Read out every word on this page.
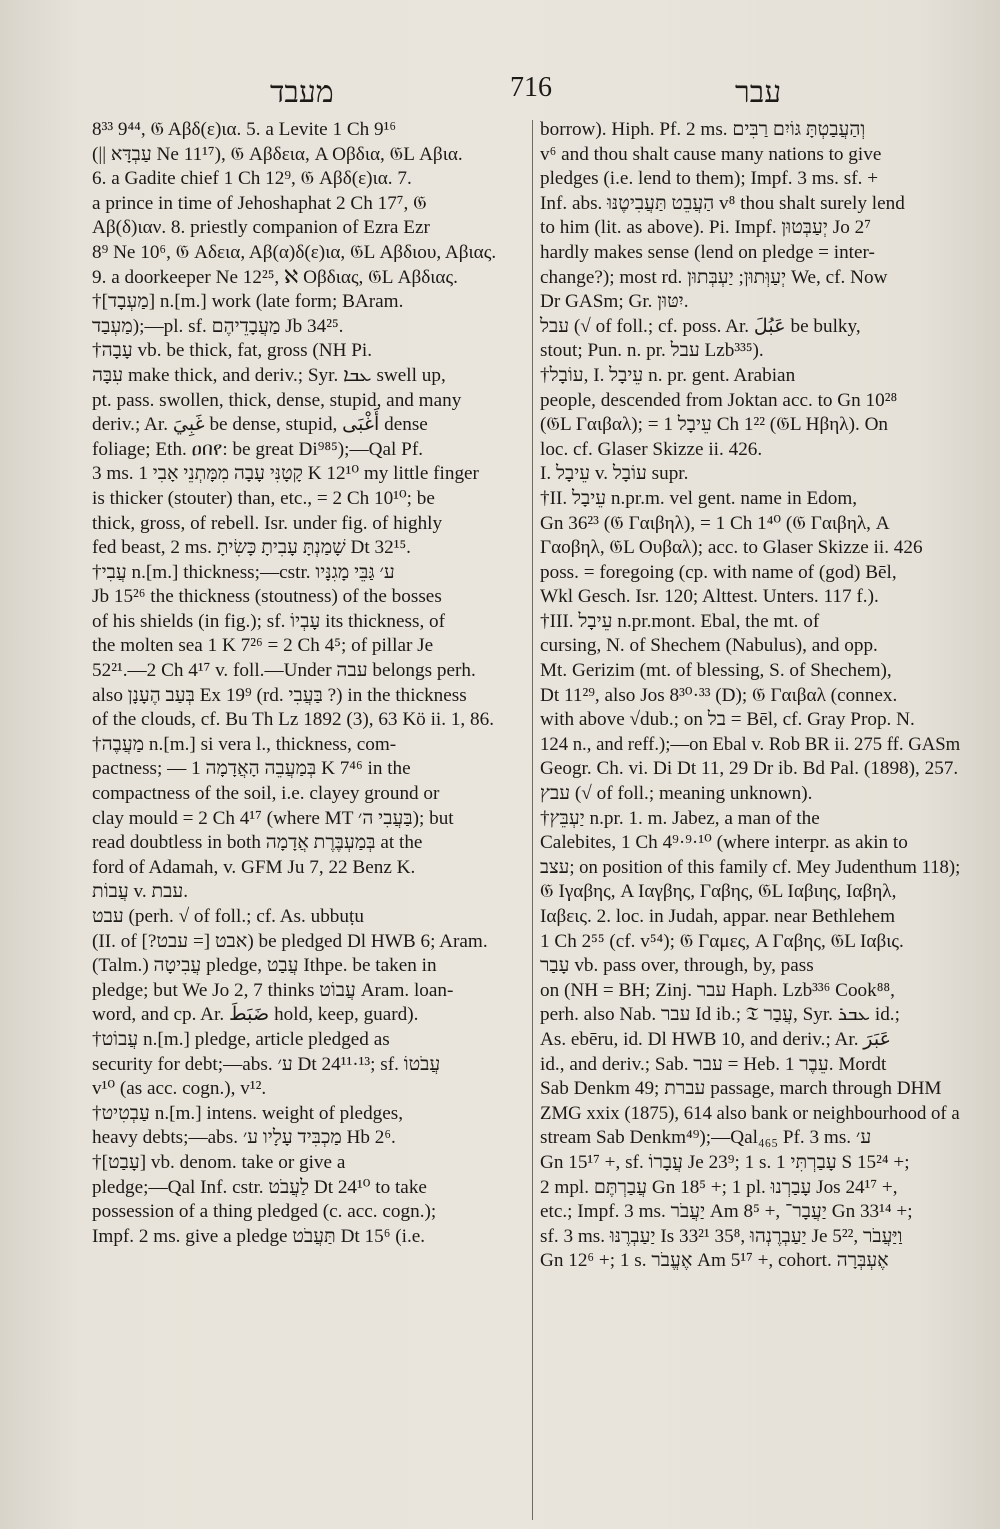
מעבד	716	עבר
8³³ 9⁴⁴, 𝔊 Αβδ(ε)ια. 5. a Levite 1 Ch 9¹⁶
(|| עַבְדָּא Ne 11¹⁷), 𝔊 Αβδεια, A Οβδια, 𝔊L Αβια.
6. a Gadite chief 1 Ch 12⁹, 𝔊 Αβδ(ε)ια. 7.
a prince in time of Jehoshaphat 2 Ch 17⁷, 𝔊
Αβ(δ)ιαν. 8. priestly companion of Ezra Ezr
8⁹ Ne 10⁶, 𝔊 Αδεια, Αβ(α)δ(ε)ια, 𝔊L Αβδιου, Αβιας.
9. a doorkeeper Ne 12²⁵, ℵ Οβδιας, 𝔊L Αβδιας.
†[מַעְבָד] n.[m.] work (late form; BAram.
מַעְבַד);—pl. sf. מַעֲבָדֵיהֶם Jb 34²⁵.
†עָבָה vb. be thick, fat, gross (NH Pi.
עִבָּה make thick, and deriv.; Syr. ܥܒܐ swell up,
pt. pass. swollen, thick, dense, stupid, and many
deriv.; Ar. غَبِيَ be dense, stupid, أَغْبَى dense
foliage; Eth. ዐበየ: be great Di⁹⁸⁵);—Qal Pf.
3 ms. קָטָנִּי עָבָה מִמָּתְנֵי אָבִי 1 K 12¹⁰ my little finger
is thicker (stouter) than, etc., = 2 Ch 10¹⁰; be
thick, gross, of rebell. Isr. under fig. of highly
fed beast, 2 ms. שָׁמַנְתָּ עָבִיתָ כָּשִׂיתָ Dt 32¹⁵.
†עֲבִי n.[m.] thickness;—cstr. ע׳ גַּבֵּי מָגִנָּיו
Jb 15²⁶ the thickness (stoutness) of the bosses
of his shields (in fig.); sf. עָבְיוֹ its thickness, of
the molten sea 1 K 7²⁶ = 2 Ch 4⁵; of pillar Je
52²¹.—2 Ch 4¹⁷ v. foll.—Under עבה belongs perh.
also בְּעַב הֶעָנָן Ex 19⁹ (rd. בַּעֲבִי ?) in the thickness
of the clouds, cf. Bu Th Lz 1892 (3), 63 Kö ii. 1, 86.
†מַעֲבֶה n.[m.] si vera l., thickness, com-
pactness; — בְּמַעֲבֵה הָאֲדָמָה 1 K 7⁴⁶ in the
compactness of the soil, i.e. clayey ground or
clay mould = 2 Ch 4¹⁷ (where MT בַּעֲבִי ה׳); but
read doubtless in both בְּמַעְבֶּרֶת אֲדָמָה at the
ford of Adamah, v. GFM Ju 7, 22 Benz K.
עֲבוֹת v. עבת.
עבט (perh. √ of foll.; cf. As. ubbuṭu
(II. of אבט [= עבט?]) be pledged Dl HWB 6; Aram.
(Talm.) עֲבִיטָה pledge, עֲבַט Ithpe. be taken in
pledge; but We Jo 2, 7 thinks עֲבוֹט Aram. loan-
word, and cp. Ar. ضَبَطَ hold, keep, guard).
†עֲבוֹט n.[m.] pledge, article pledged as
security for debt;—abs. ע׳ Dt 24¹¹·¹³; sf. עֲבֹטוֹ
v¹⁰ (as acc. cogn.), v¹².
†עַבְטִיט n.[m.] intens. weight of pledges,
heavy debts;—abs. מַכְבִּיד עָלָיו ע׳ Hb 2⁶.
†[עָבַט] vb. denom. take or give a
pledge;—Qal Inf. cstr. לַעֲבֹט Dt 24¹⁰ to take
possession of a thing pledged (c. acc. cogn.);
Impf. 2 ms. give a pledge תַּעֲבֹט Dt 15⁶ (i.e.
borrow). Hiph. Pf. 2 ms. וְהַעֲבַטְתָּ גּוֹיִם רַבִּים
v⁶ and thou shalt cause many nations to give
pledges (i.e. lend to them); Impf. 3 ms. sf. +
Inf. abs. הַעֲבֵט תַּעֲבִיטֶנּוּ v⁸ thou shalt surely lend
to him (lit. as above). Pi. Impf. יְעַבְּטוּן Jo 2⁷
hardly makes sense (lend on pledge = inter-
change?); most rd. יְעַוְּתוּן; יַעְבְּתוּן We, cf. Now
Dr GASm; Gr. יִטּוּן.
עבל (√ of foll.; cf. poss. Ar. عَبُلَ be bulky,
stout; Pun. n. pr. עבל Lzb³³⁵).
†עוֹבָל, I. עֵיבָל n. pr. gent. Arabian
people, descended from Joktan acc. to Gn 10²⁸
(𝔊L Γαιβαλ); = עֵיבָל 1 Ch 1²² (𝔊L Ηβηλ). On
loc. cf. Glaser Skizze ii. 426.
I. עֵיבָל v. עוֹבָל supr.
†II. עֵיבָל n.pr.m. vel gent. name in Edom,
Gn 36²³ (𝔊 Γαιβηλ), = 1 Ch 1⁴⁰ (𝔊 Γαιβηλ, A
Γαοβηλ, 𝔊L Ουβαλ); acc. to Glaser Skizze ii. 426
poss. = foregoing (cp. with name of (god) Bēl,
Wkl Gesch. Isr. 120; Alttest. Unters. 117 f.).
†III. עֵיבָל n.pr.mont. Ebal, the mt. of
cursing, N. of Shechem (Nabulus), and opp.
Mt. Gerizim (mt. of blessing, S. of Shechem),
Dt 11²⁹, also Jos 8³⁰·³³ (D); 𝔊 Γαιβαλ (connex.
with above √dub.; on בל = Bēl, cf. Gray Prop. N.
124 n., and reff.);—on Ebal v. Rob BR ii. 275 ff. GASm
Geogr. Ch. vi. Di Dt 11, 29 Dr ib. Bd Pal. (1898), 257.
עבץ (√ of foll.; meaning unknown).
†יַעְבֵּץ n.pr. 1. m. Jabez, a man of the
Calebites, 1 Ch 4⁹·⁹·¹⁰ (where interpr. as akin to
עצב; on position of this family cf. Mey Judenthum 118);
𝔊 Ιγαβης, A Ιαγβης, Γαβης, 𝔊L Ιαβιης, Ιαβηλ,
Ιαβεις. 2. loc. in Judah, appar. near Bethlehem
1 Ch 2⁵⁵ (cf. v⁵⁴); 𝔊 Γαμες, A Γαβης, 𝔊L Ιαβις.
עָבַר vb. pass over, through, by, pass
on (NH = BH; Zinj. עבר Haph. Lzb³³⁶ Cook⁸⁸,
perh. also Nab. עבר Id ib.; 𝔗 עֲבַר, Syr. ܥܒܪ id.;
As. ebēru, id. Dl HWB 10, and deriv.; Ar. عَبَرَ
id., and deriv.; Sab. עבר = Heb. עֵבֶר 1. Mordt
Sab Denkm 49; עברת passage, march through DHM
ZMG xxix (1875), 614 also bank or neighbourhood of a
stream Sab Denkm⁴⁹);—Qal₄₆₅ Pf. 3 ms. ע׳
Gn 15¹⁷ +, sf. עֲבָרוֹ Je 23⁹; 1 s. עָבַרְתִּי 1 S 15²⁴ +;
2 mpl. עֲבַרְתֶּם Gn 18⁵ +; 1 pl. עָבַרְנוּ Jos 24¹⁷ +,
etc.; Impf. 3 ms. יַעֲבֹר Am 8⁵ +, יַעֲבָר־ Gn 33¹⁴ +;
sf. 3 ms. יַעַבְרֶנּוּ Is 33²¹ 35⁸, יַעַבְרֶנְהוּ Je 5²², וַיַּעֲבֹר
Gn 12⁶ +; 1 s. אֶעֱבֹר Am 5¹⁷ +, cohort. אֶעְבְּרָה
